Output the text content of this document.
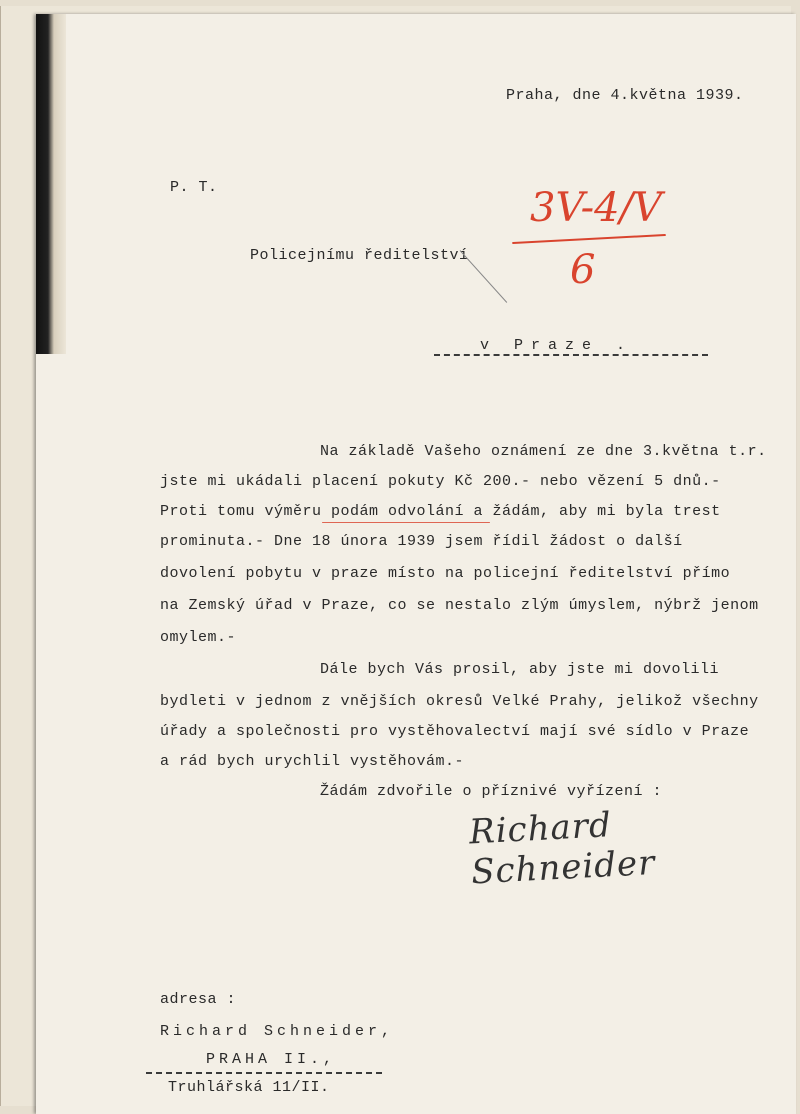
Praha, dne 4.května 1939.
P. T.
Policejnímu ředitelství
v Praze .
3V-4/V
6
Na základě Vašeho oznámení ze dne 3.května t.r.
jste mi ukádali placení pokuty Kč 200.- nebo vězení 5 dnů.-
Proti tomu výměru podám odvolání a žádám, aby mi byla trest
prominuta.- Dne 18 února 1939 jsem řídil žádost o další
dovolení pobytu v praze místo na policejní ředitelství přímo
na Zemský úřad v Praze, co se nestalo zlým úmyslem, nýbrž jenom
omylem.-
Dále bych Vás prosil, aby jste mi dovolili
bydleti v jednom z vnějších okresů Velké Prahy, jelikož všechny
úřady a společnosti pro vystěhovalectví mají své sídlo v Praze
a rád bych urychlil vystěhovám.-
Žádám zdvořile o příznivé vyřízení :
Richard Schneider
adresa :
Richard Schneider,
PRAHA II.,
Truhlářská 11/II.
